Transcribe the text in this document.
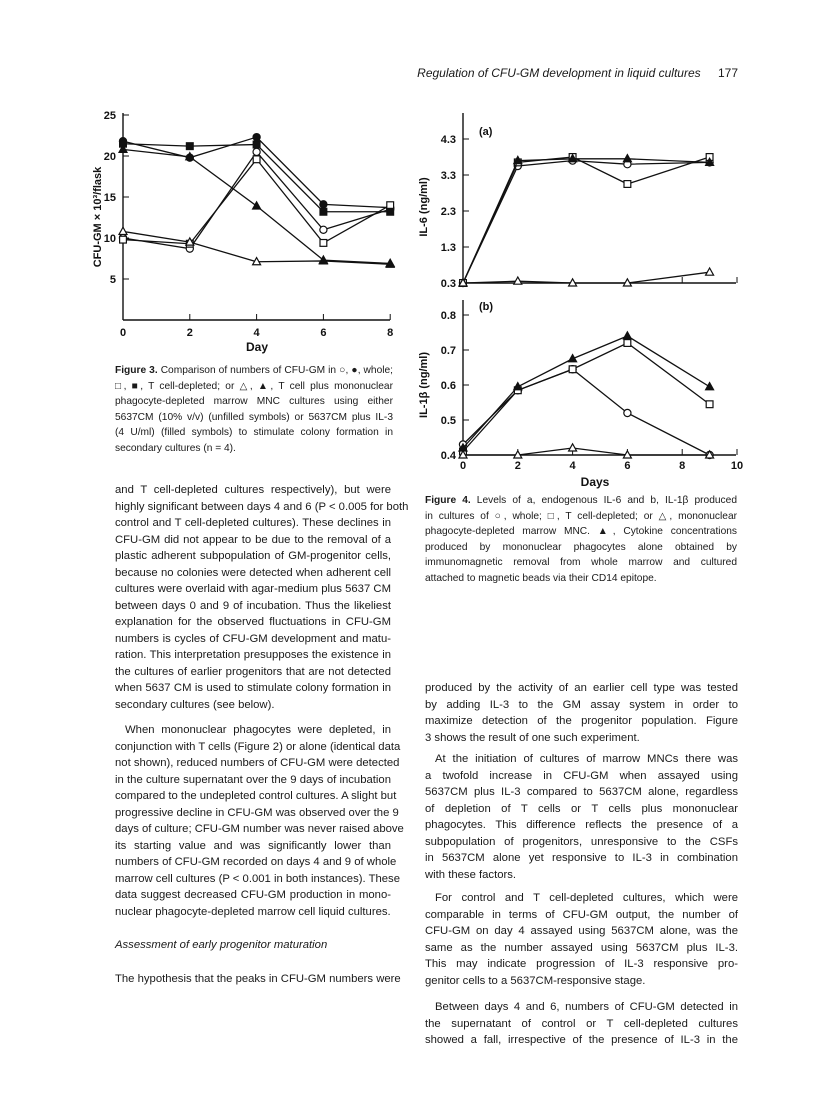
5
10
15
20
25
0	2	4	6	8
Day
CFU-GM × 10³/flask
0.3
1.3
2.3
3.3
4.3
(a)
IL-6 (ng/ml)
0.4
0.5
0.6
0.7
0.8
0	2	4	6	8	10
(b)
Days
IL-1β (ng/ml)
Regulation of CFU-GM development in liquid cultures 177
Figure 3. Comparison of numbers of CFU-GM in ○, ●, whole;
□, ■, T cell-depleted; or △, ▲, T cell plus mononuclear
phagocyte-depleted marrow MNC cultures using either
5637CM (10% v/v) (unfilled symbols) or 5637CM plus IL-3
(4 U/ml) (filled symbols) to stimulate colony formation in
secondary cultures (n = 4).
Figure 4. Levels of a, endogenous IL-6 and b, IL-1β produced
in cultures of ○, whole; □, T cell-depleted; or △, mononuclear
phagocyte-depleted marrow MNC. ▲, Cytokine concentrations
produced by mononuclear phagocytes alone obtained by
immunomagnetic removal from whole marrow and cultured
attached to magnetic beads via their CD14 epitope.
and T cell-depleted cultures respectively), but were
highly significant between days 4 and 6 (P < 0.005 for both
control and T cell-depleted cultures). These declines in
CFU-GM did not appear to be due to the removal of a
plastic adherent subpopulation of GM-progenitor cells,
because no colonies were detected when adherent cell
cultures were overlaid with agar-medium plus 5637 CM
between days 0 and 9 of incubation. Thus the likeliest
explanation for the observed fluctuations in CFU-GM
numbers is cycles of CFU-GM development and matu-
ration. This interpretation presupposes the existence in
the cultures of earlier progenitors that are not detected
when 5637 CM is used to stimulate colony formation in
secondary cultures (see below).
When mononuclear phagocytes were depleted, in
conjunction with T cells (Figure 2) or alone (identical data
not shown), reduced numbers of CFU-GM were detected
in the culture supernatant over the 9 days of incubation
compared to the undepleted control cultures. A slight but
progressive decline in CFU-GM was observed over the 9
days of culture; CFU-GM number was never raised above
its starting value and was significantly lower than
numbers of CFU-GM recorded on days 4 and 9 of whole
marrow cell cultures (P < 0.001 in both instances). These
data suggest decreased CFU-GM production in mono-
nuclear phagocyte-depleted marrow cell liquid cultures.
Assessment of early progenitor maturation
The hypothesis that the peaks in CFU-GM numbers were
produced by the activity of an earlier cell type was tested
by adding IL-3 to the GM assay system in order to
maximize detection of the progenitor population. Figure
3 shows the result of one such experiment.
At the initiation of cultures of marrow MNCs there was
a twofold increase in CFU-GM when assayed using
5637CM plus IL-3 compared to 5637CM alone, regardless
of depletion of T cells or T cells plus mononuclear
phagocytes. This difference reflects the presence of a
subpopulation of progenitors, unresponsive to the CSFs
in 5637CM alone yet responsive to IL-3 in combination
with these factors.
For control and T cell-depleted cultures, which were
comparable in terms of CFU-GM output, the number of
CFU-GM on day 4 assayed using 5637CM alone, was the
same as the number assayed using 5637CM plus IL-3.
This may indicate progression of IL-3 responsive pro-
genitor cells to a 5637CM-responsive stage.
Between days 4 and 6, numbers of CFU-GM detected in
the supernatant of control or T cell-depleted cultures
showed a fall, irrespective of the presence of IL-3 in the
